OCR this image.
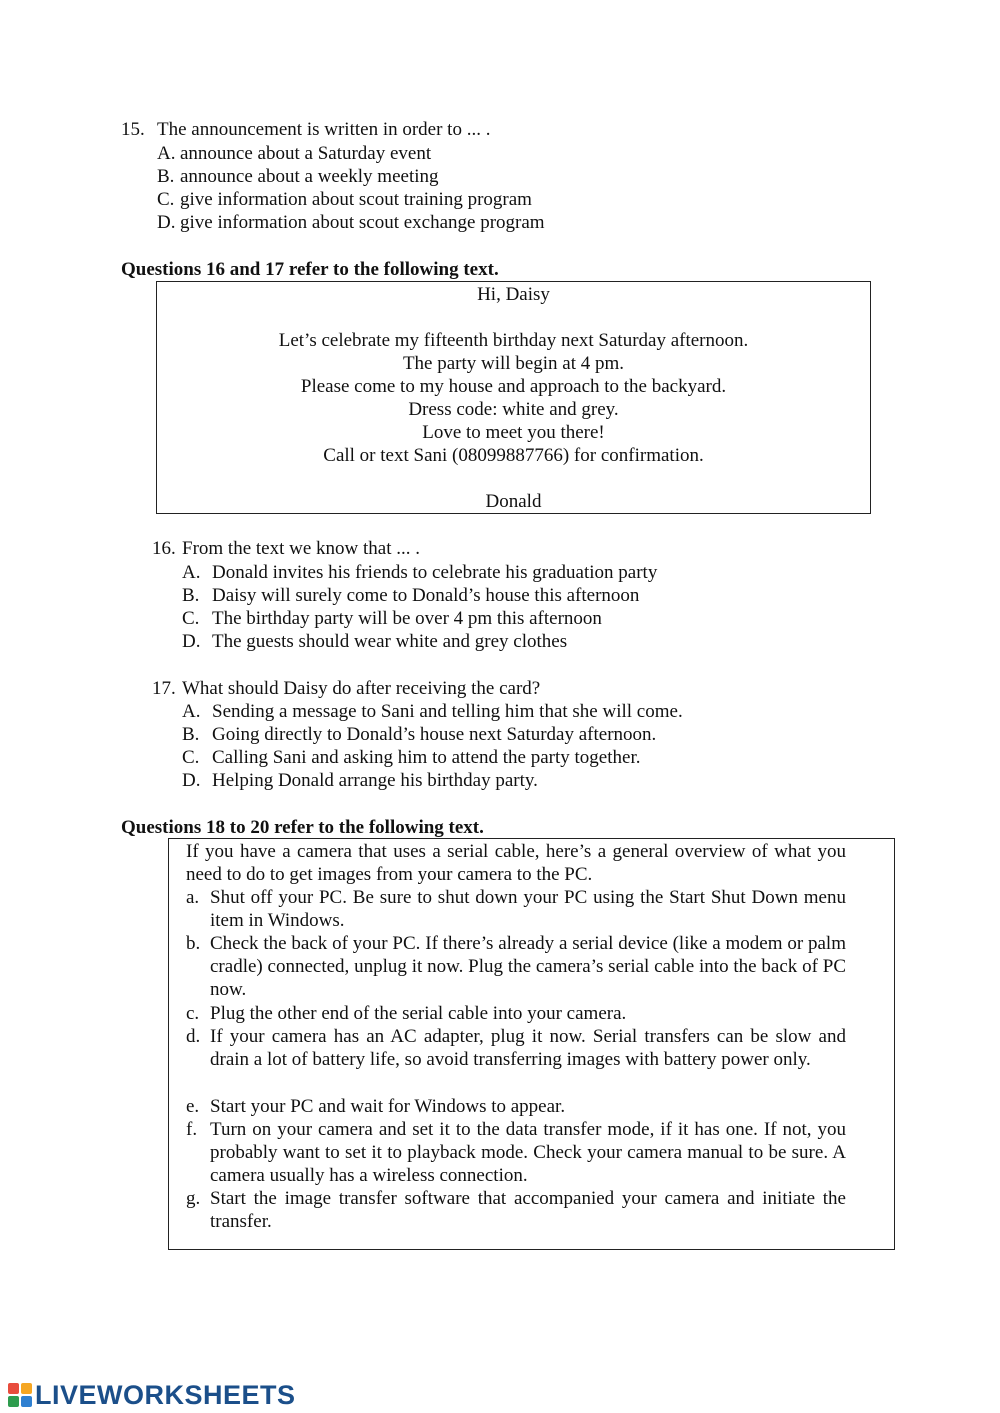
15. The announcement is written in order to ... .
A. announce about a Saturday event
B. announce about a weekly meeting
C. give information about scout training program
D. give information about scout exchange program
Questions 16 and 17 refer to the following text.
Hi, Daisy
Let’s celebrate my fifteenth birthday next Saturday afternoon.
The party will begin at 4 pm.
Please come to my house and approach to the backyard.
Dress code: white and grey.
Love to meet you there!
Call or text Sani (08099887766) for confirmation.
Donald
16. From the text we know that ... .
A. Donald invites his friends to celebrate his graduation party
B. Daisy will surely come to Donald’s house this afternoon
C. The birthday party will be over 4 pm this afternoon
D. The guests should wear white and grey clothes
17. What should Daisy do after receiving the card?
A. Sending a message to Sani and telling him that she will come.
B. Going directly to Donald’s house next Saturday afternoon.
C. Calling Sani and asking him to attend the party together.
D. Helping Donald arrange his birthday party.
Questions 18 to 20 refer to the following text.
If you have a camera that uses a serial cable, here’s a general overview of what you need to do to get images from your camera to the PC.
a. Shut off your PC. Be sure to shut down your PC using the Start Shut Down menu item in Windows.
b. Check the back of your PC. If there’s already a serial device (like a modem or palm cradle) connected, unplug it now. Plug the camera’s serial cable into the back of PC now.
c. Plug the other end of the serial cable into your camera.
d. If your camera has an AC adapter, plug it now. Serial transfers can be slow and drain a lot of battery life, so avoid transferring images with battery power only.
e. Start your PC and wait for Windows to appear.
f. Turn on your camera and set it to the data transfer mode, if it has one. If not, you probably want to set it to playback mode. Check your camera manual to be sure. A camera usually has a wireless connection.
g. Start the image transfer software that accompanied your camera and initiate the transfer.
LIVEWORKSHEETS
